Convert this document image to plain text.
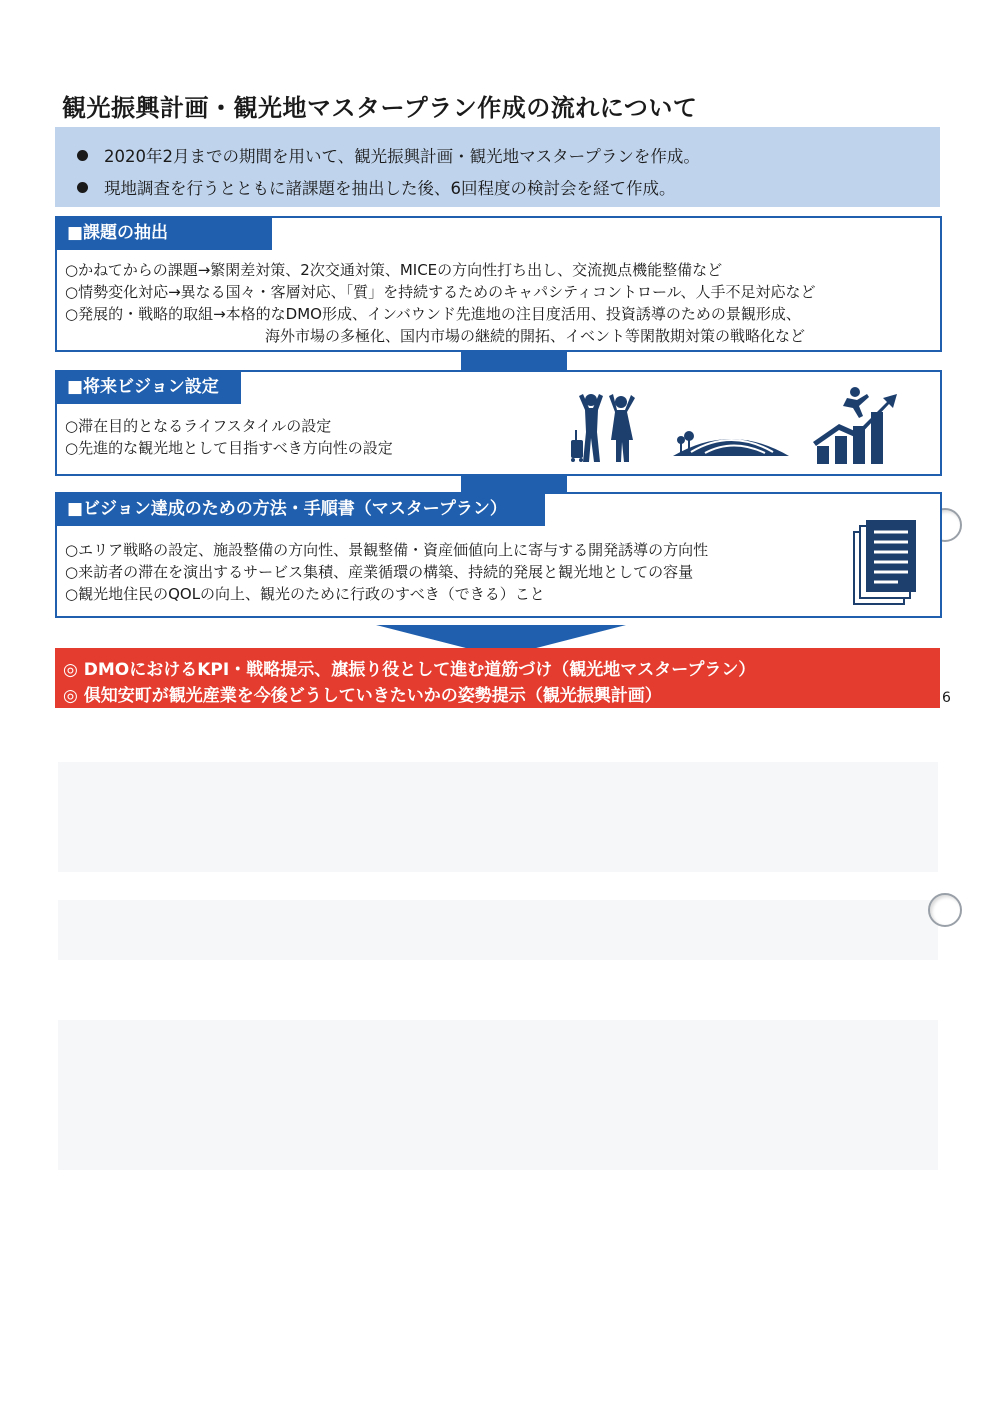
観光振興計画・観光地マスタープラン作成の流れについて
2020年2月までの期間を用いて、観光振興計画・観光地マスタープランを作成。
現地調査を行うとともに諸課題を抽出した後、6回程度の検討会を経て作成。
■課題の抽出
○かねてからの課題→繁閑差対策、2次交通対策、MICEの方向性打ち出し、交流拠点機能整備など
○情勢変化対応→異なる国々・客層対応、「質」を持続するためのキャパシティコントロール、人手不足対応など
○発展的・戦略的取組→本格的なDMO形成、インバウンド先進地の注目度活用、投資誘導のための景観形成、
海外市場の多極化、国内市場の継続的開拓、イベント等閑散期対策の戦略化など
■将来ビジョン設定
○滞在目的となるライフスタイルの設定
○先進的な観光地として目指すべき方向性の設定
■ビジョン達成のための方法・手順書（マスタープラン）
○エリア戦略の設定、施設整備の方向性、景観整備・資産価値向上に寄与する開発誘導の方向性
○来訪者の滞在を演出するサービス集積、産業循環の構築、持続的発展と観光地としての容量
○観光地住民のQOLの向上、観光のために行政のすべき（できる）こと
◎ DMOにおけるKPI・戦略提示、旗振り役として進む道筋づけ（観光地マスタープラン）
◎ 倶知安町が観光産業を今後どうしていきたいかの姿勢提示（観光振興計画）	6
